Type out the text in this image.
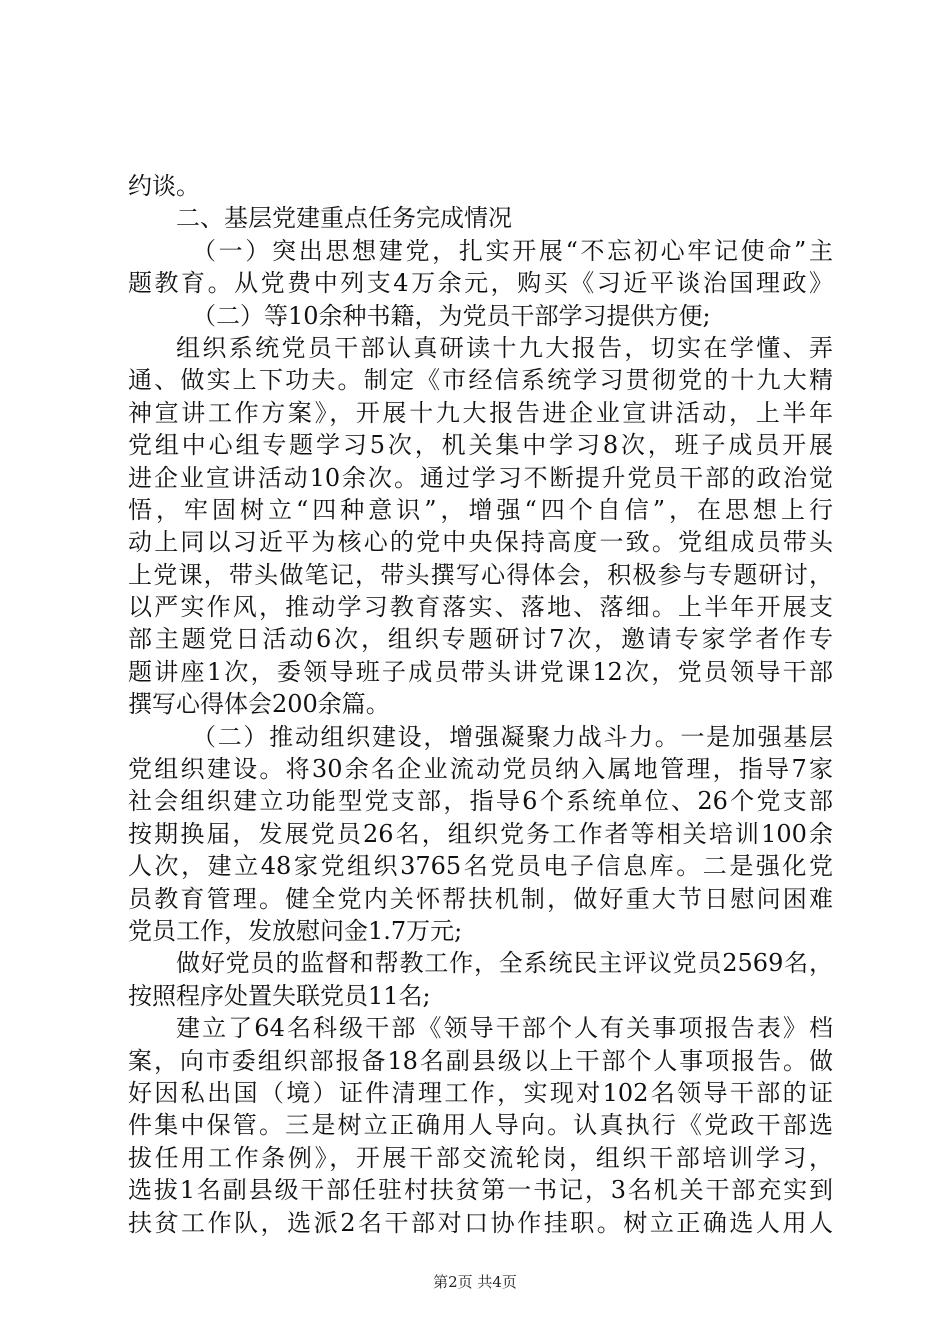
约谈。
二、基层党建重点任务完成情况
（一）突出思想建党，扎实开展“不忘初心牢记使命”主
题教育。从党费中列支4万余元，购买《习近平谈治国理政》
（二）等10余种书籍，为党员干部学习提供方便;
组织系统党员干部认真研读十九大报告，切实在学懂、弄
通、做实上下功夫。制定《市经信系统学习贯彻党的十九大精
神宣讲工作方案》，开展十九大报告进企业宣讲活动，上半年
党组中心组专题学习5次，机关集中学习8次，班子成员开展
进企业宣讲活动10余次。通过学习不断提升党员干部的政治觉
悟，牢固树立“四种意识”，增强“四个自信”，在思想上行
动上同以习近平为核心的党中央保持高度一致。党组成员带头
上党课，带头做笔记，带头撰写心得体会，积极参与专题研讨，
以严实作风，推动学习教育落实、落地、落细。上半年开展支
部主题党日活动6次，组织专题研讨7次，邀请专家学者作专
题讲座1次，委领导班子成员带头讲党课12次，党员领导干部
撰写心得体会200余篇。
（二）推动组织建设，增强凝聚力战斗力。一是加强基层
党组织建设。将30余名企业流动党员纳入属地管理，指导7家
社会组织建立功能型党支部，指导6个系统单位、26个党支部
按期换届，发展党员26名，组织党务工作者等相关培训100余
人次，建立48家党组织3765名党员电子信息库。二是强化党
员教育管理。健全党内关怀帮扶机制，做好重大节日慰问困难
党员工作，发放慰问金1.7万元;
做好党员的监督和帮教工作，全系统民主评议党员2569名，
按照程序处置失联党员11名;
建立了64名科级干部《领导干部个人有关事项报告表》档
案，向市委组织部报备18名副县级以上干部个人事项报告。做
好因私出国（境）证件清理工作，实现对102名领导干部的证
件集中保管。三是树立正确用人导向。认真执行《党政干部选
拔任用工作条例》，开展干部交流轮岗，组织干部培训学习，
选拔1名副县级干部任驻村扶贫第一书记，3名机关干部充实到
扶贫工作队，选派2名干部对口协作挂职。树立正确选人用人
第2页 共4页
